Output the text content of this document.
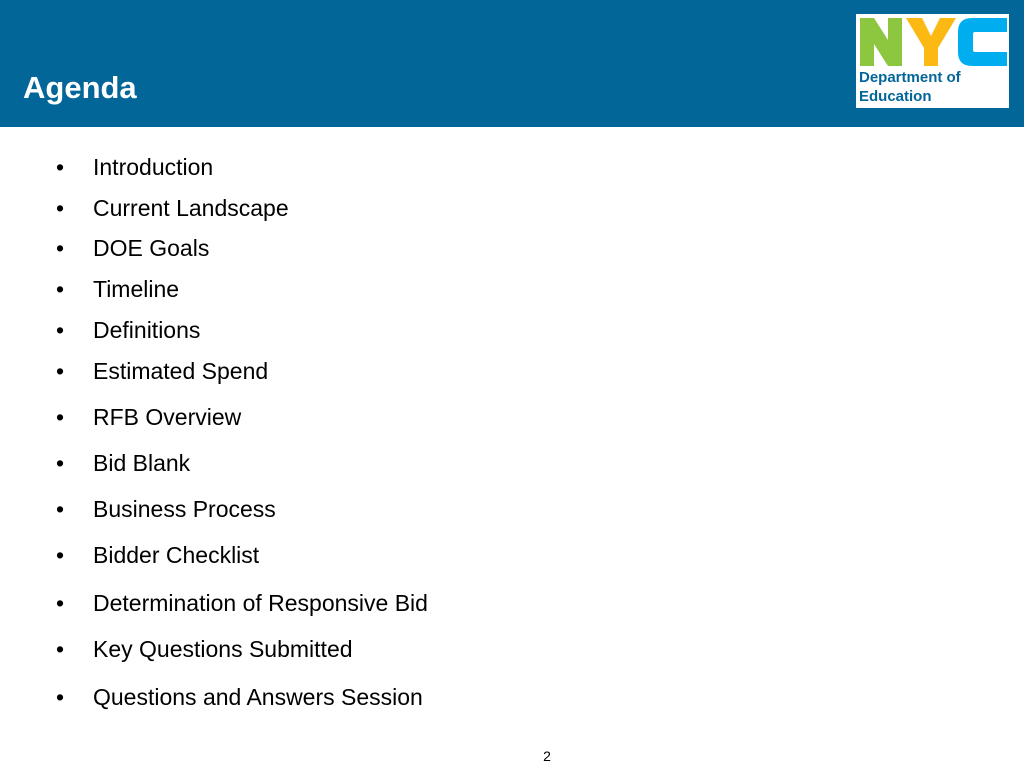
Agenda	Department of
Education
• Introduction
• Current Landscape
• DOE Goals
• Timeline
• Definitions
• Estimated Spend
• RFB Overview
• Bid Blank
• Business Process
• Bidder Checklist
• Determination of Responsive Bid
• Key Questions Submitted
• Questions and Answers Session
2
